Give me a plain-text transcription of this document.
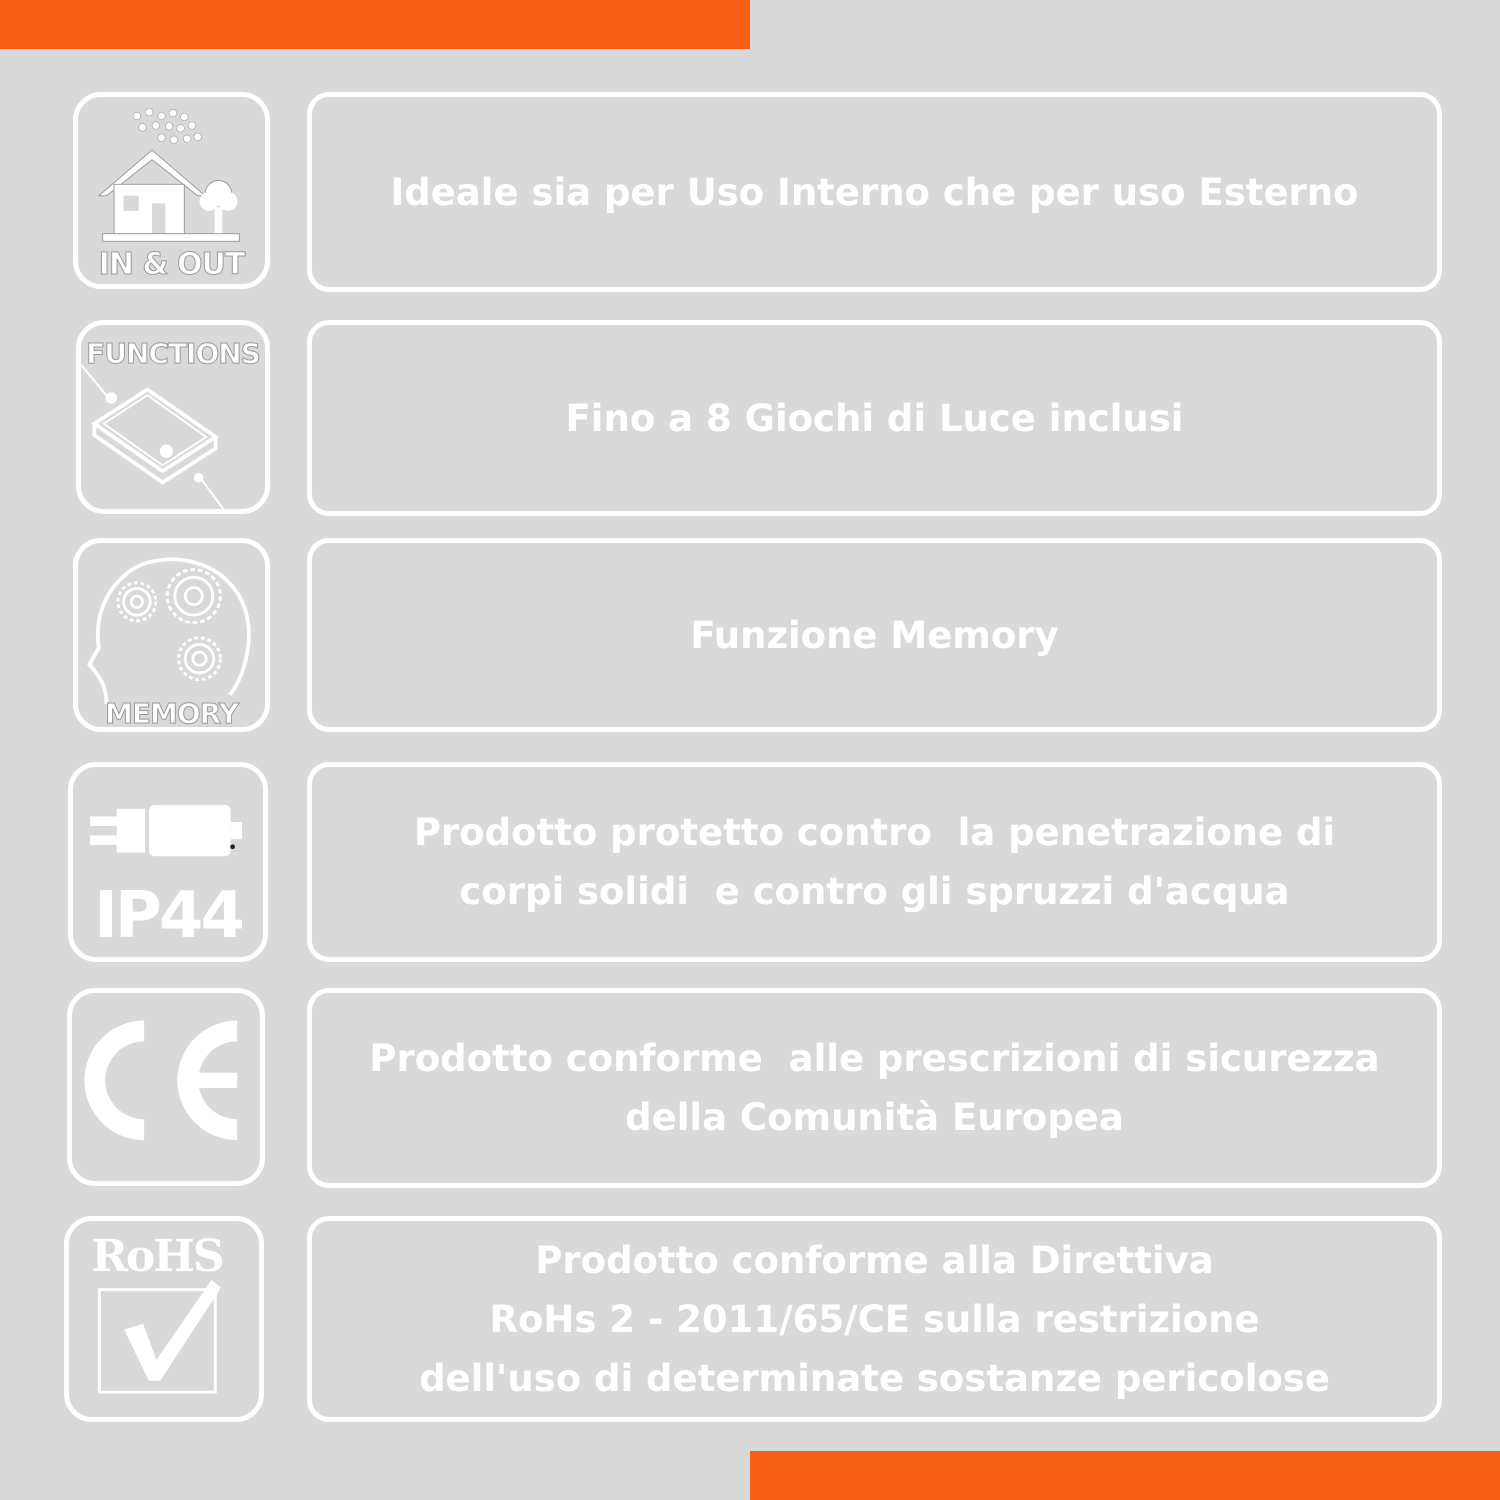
IN & OUT
Ideale sia per Uso Interno che per uso Esterno
FUNCTIONS
Fino a 8 Giochi di Luce inclusi
MEMORY
Funzione Memory
IP44
Prodotto protetto contro  la penetrazione di
corpi solidi  e contro gli spruzzi d'acqua
Prodotto conforme  alle prescrizioni di sicurezza
della Comunità Europea
RoHS	Prodotto conforme alla Direttiva
RoHs 2 - 2011/65/CE sulla restrizione
dell'uso di determinate sostanze pericolose
